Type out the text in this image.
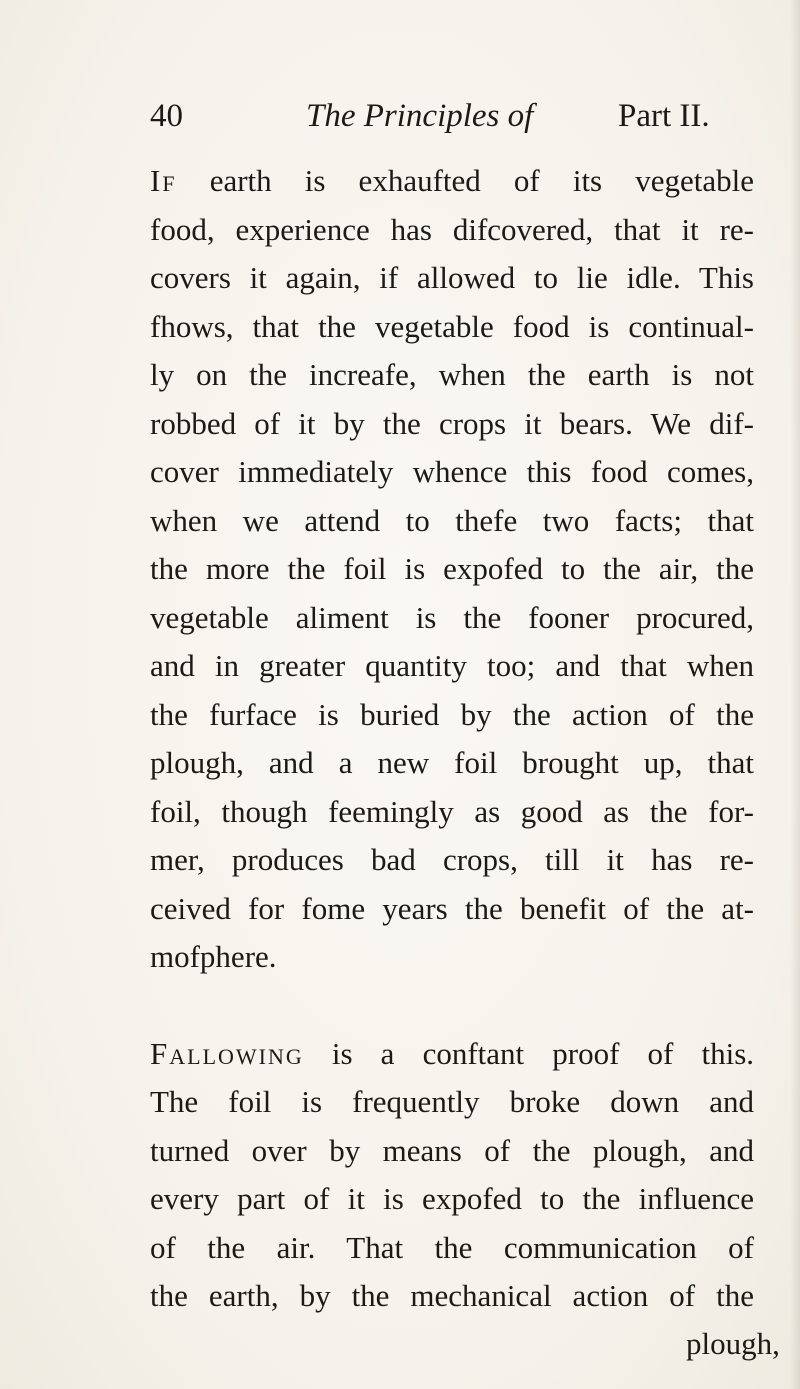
40	The Principles of	Part II.

If earth is exhaufted of its vegetable

food, experience has difcovered, that it re-

covers it again, if allowed to lie idle. This

fhows, that the vegetable food is continual-

ly on the increafe, when the earth is not

robbed of it by the crops it bears. We dif-

cover immediately whence this food comes,

when we attend to thefe two facts; that

the more the foil is expofed to the air, the

vegetable aliment is the fooner procured,

and in greater quantity too; and that when

the furface is buried by the action of the

plough, and a new foil brought up, that

foil, though feemingly as good as the for-

mer, produces bad crops, till it has re-

ceived for fome years the benefit of the at-

mofphere.

Fallowing is a conftant proof of this.

The foil is frequently broke down and

turned over by means of the plough, and

every part of it is expofed to the influence

of the air. That the communication of

the earth, by the mechanical action of the

plough,
